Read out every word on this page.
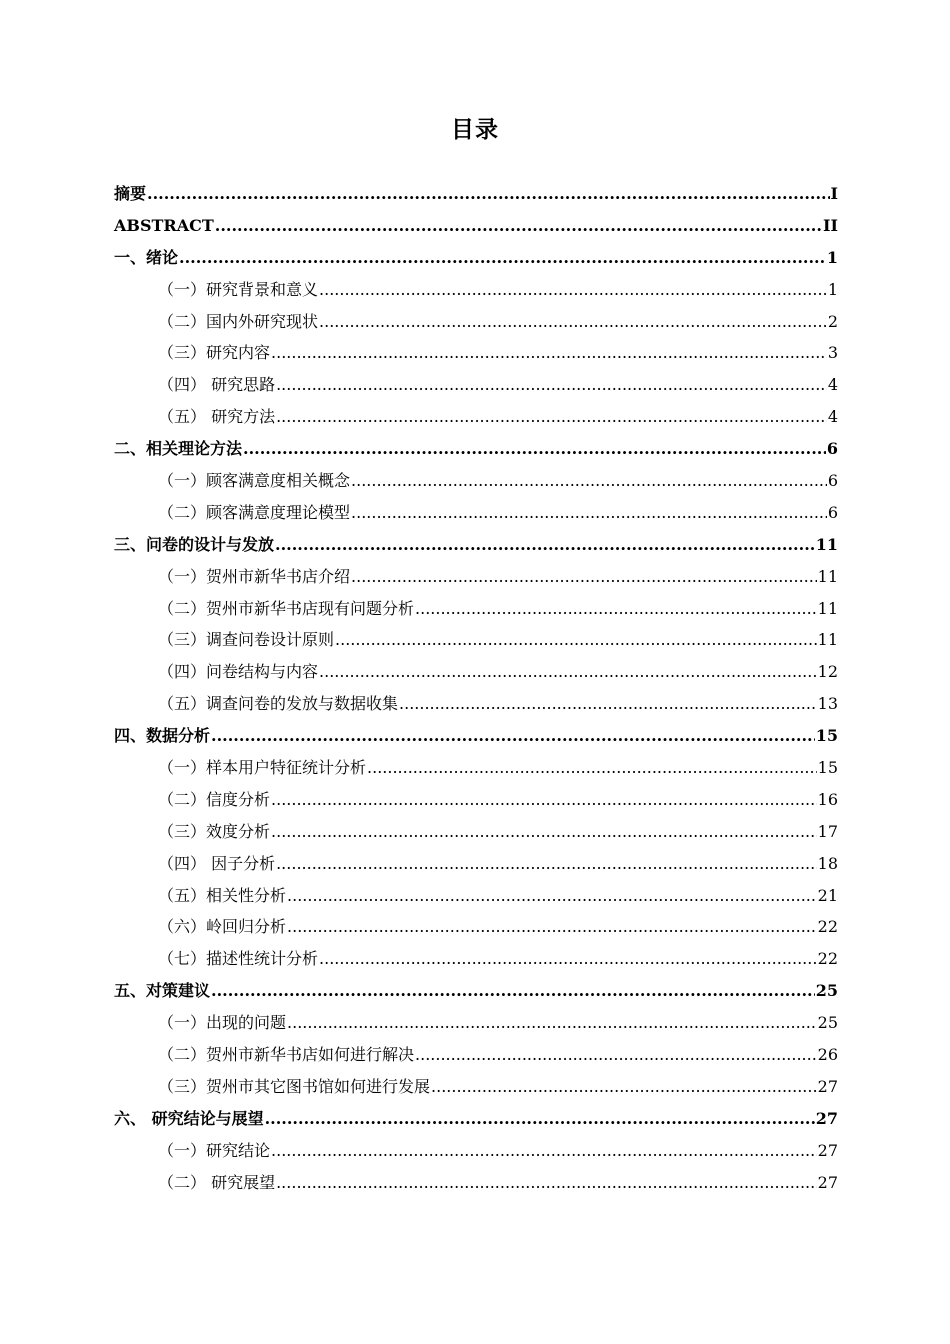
目录
摘要 .....	I
ABSTRACT .....	II
一、绪论 .....	1
（一）研究背景和意义 .....	1
（二）国内外研究现状 .....	2
（三）研究内容 .....	3
（四） 研究思路 .....	4
（五） 研究方法 .....	4
二、相关理论方法 .....	6
（一）顾客满意度相关概念 .....	6
（二）顾客满意度理论模型 .....	6
三、问卷的设计与发放 .....	11
（一）贺州市新华书店介绍 .....	11
（二）贺州市新华书店现有问题分析 .....	11
（三）调查问卷设计原则 .....	11
（四）问卷结构与内容 .....	12
（五）调查问卷的发放与数据收集 .....	13
四、数据分析 .....	15
（一）样本用户特征统计分析 .....	15
（二）信度分析 .....	16
（三）效度分析 .....	17
（四） 因子分析 .....	18
（五）相关性分析 .....	21
（六）岭回归分析 .....	22
（七）描述性统计分析 .....	22
五、对策建议 .....	25
（一）出现的问题 .....	25
（二）贺州市新华书店如何进行解决 .....	26
（三）贺州市其它图书馆如何进行发展 .....	27
六、 研究结论与展望 .....	27
（一）研究结论 .....	27
（二） 研究展望 .....	27
